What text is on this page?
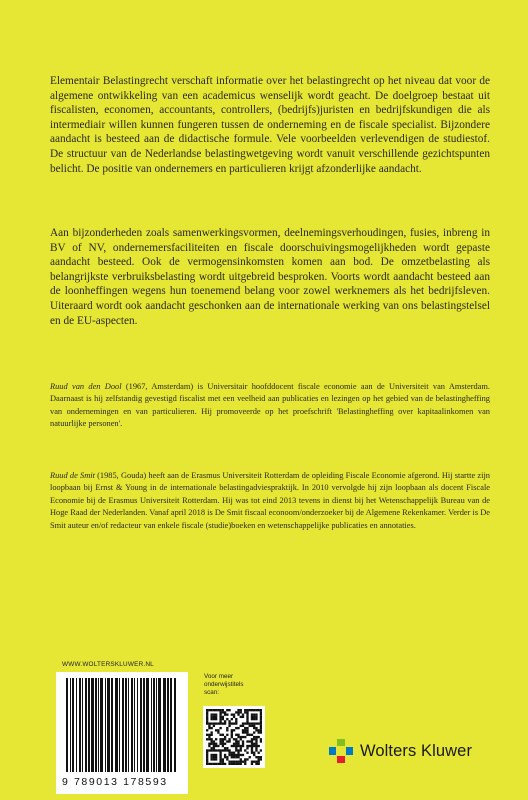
Elementair Belastingrecht verschaft informatie over het belastingrecht op het niveau dat voor de algemene ontwikkeling van een academicus wenselijk wordt geacht. De doelgroep bestaat uit fiscalisten, economen, accountants, controllers, (bedrijfs)juristen en bedrijfskundigen die als intermediair willen kunnen fungeren tussen de onderneming en de fiscale specialist. Bijzondere aandacht is besteed aan de didactische formule. Vele voorbeelden verlevendigen de studiestof. De structuur van de Nederlandse belastingwetgeving wordt vanuit verschillende gezichtspunten belicht. De positie van ondernemers en particulieren krijgt afzonderlijke aandacht.

Aan bijzonderheden zoals samenwerkingsvormen, deelnemingsverhoudingen, fusies, inbreng in BV of NV, ondernemersfaciliteiten en fiscale doorschuivingsmogelijkheden wordt gepaste aandacht besteed. Ook de vermogensinkomsten komen aan bod. De omzetbelasting als belangrijkste verbruiksbelasting wordt uitgebreid besproken. Voorts wordt aandacht besteed aan de loonheffingen wegens hun toenemend belang voor zowel werknemers als het bedrijfsleven. Uiteraard wordt ook aandacht geschonken aan de internationale werking van ons belastingstelsel en de EU-aspecten.

Ruud van den Dool (1967, Amsterdam) is Universitair hoofddocent fiscale economie aan de Universiteit van Amsterdam. Daarnaast is hij zelfstandig gevestigd fiscalist met een veelheid aan publicaties en lezingen op het gebied van de belastingheffing van ondernemingen en van particulieren. Hij promoveerde op het proefschrift 'Belastingheffing over kapitaalinkomen van natuurlijke personen'.

Ruud de Smit (1985, Gouda) heeft aan de Erasmus Universiteit Rotterdam de opleiding Fiscale Economie afgerond. Hij startte zijn loopbaan bij Ernst & Young in de internationale belastingadviespraktijk. In 2010 vervolgde hij zijn loopbaan als docent Fiscale Economie bij de Erasmus Universiteit Rotterdam. Hij was tot eind 2013 tevens in dienst bij het Wetenschappelijk Bureau van de Hoge Raad der Nederlanden. Vanaf april 2018 is De Smit fiscaal econoom/onderzoeker bij de Algemene Rekenkamer. Verder is De Smit auteur en/of redacteur van enkele fiscale (studie)boeken en wetenschappelijke publicaties en annotaties.

WWW.WOLTERSKLUWER.NL
9 789013 178593
Voor meer
onderwijstitels
scan:
Wolters Kluwer
